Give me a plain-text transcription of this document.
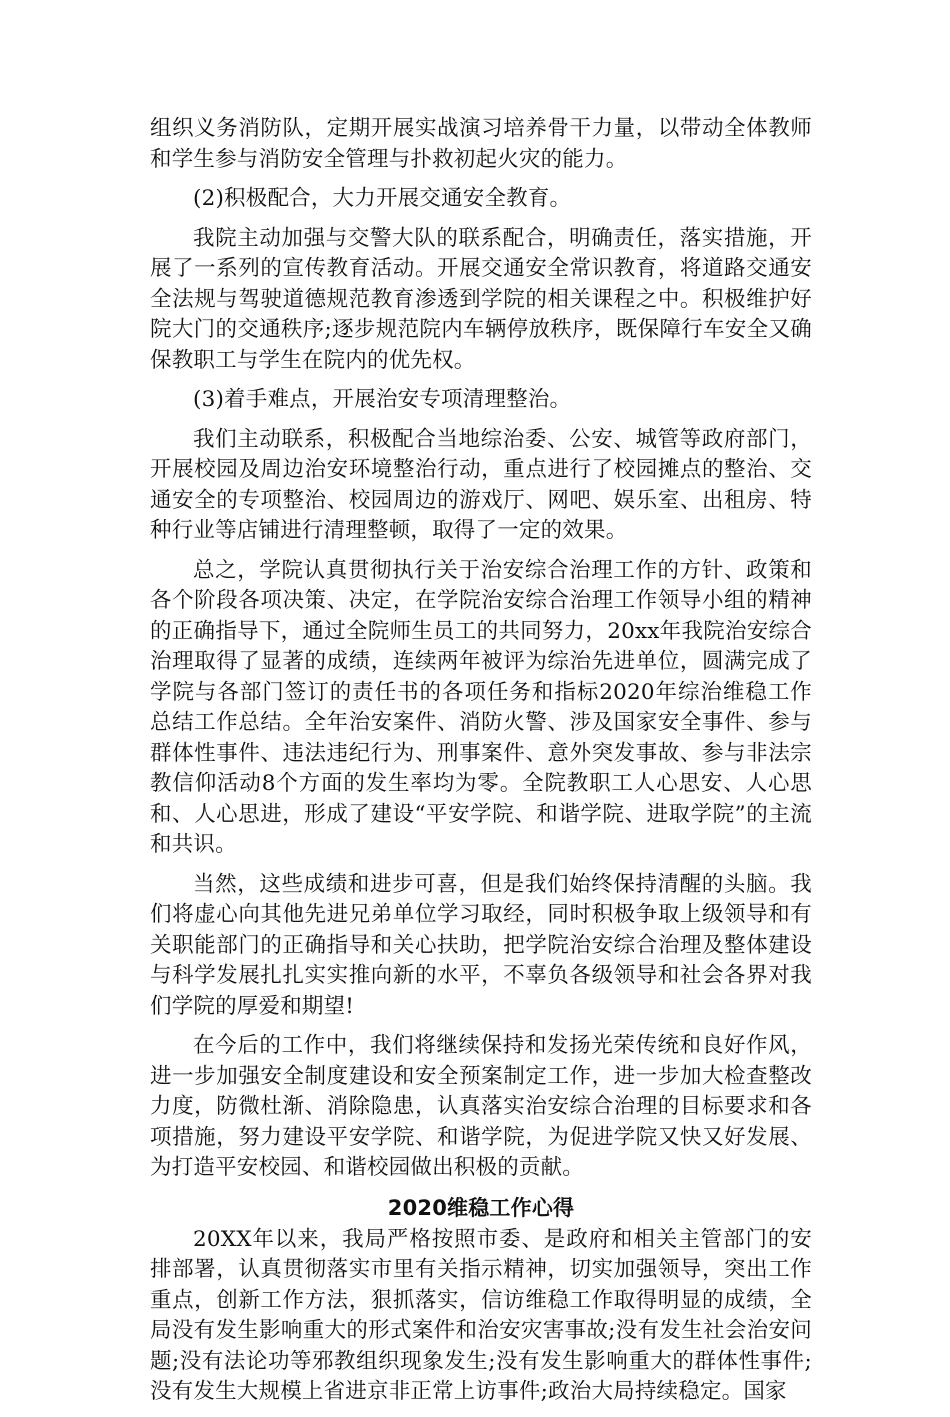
组织义务消防队，定期开展实战演习培养骨干力量，以带动全体教师和学生参与消防安全管理与扑救初起火灾的能力。

(2)积极配合，大力开展交通安全教育。

我院主动加强与交警大队的联系配合，明确责任，落实措施，开展了一系列的宣传教育活动。开展交通安全常识教育，将道路交通安全法规与驾驶道德规范教育渗透到学院的相关课程之中。积极维护好院大门的交通秩序;逐步规范院内车辆停放秩序，既保障行车安全又确保教职工与学生在院内的优先权。

(3)着手难点，开展治安专项清理整治。

我们主动联系，积极配合当地综治委、公安、城管等政府部门，开展校园及周边治安环境整治行动，重点进行了校园摊点的整治、交通安全的专项整治、校园周边的游戏厅、网吧、娱乐室、出租房、特种行业等店铺进行清理整顿，取得了一定的效果。

总之，学院认真贯彻执行关于治安综合治理工作的方针、政策和各个阶段各项决策、决定，在学院治安综合治理工作领导小组的精神的正确指导下，通过全院师生员工的共同努力，20xx年我院治安综合治理取得了显著的成绩，连续两年被评为综治先进单位，圆满完成了学院与各部门签订的责任书的各项任务和指标2020年综治维稳工作总结工作总结。全年治安案件、消防火警、涉及国家安全事件、参与群体性事件、违法违纪行为、刑事案件、意外突发事故、参与非法宗教信仰活动8个方面的发生率均为零。全院教职工人心思安、人心思和、人心思进，形成了建设“平安学院、和谐学院、进取学院”的主流和共识。

当然，这些成绩和进步可喜，但是我们始终保持清醒的头脑。我们将虚心向其他先进兄弟单位学习取经，同时积极争取上级领导和有关职能部门的正确指导和关心扶助，把学院治安综合治理及整体建设与科学发展扎扎实实推向新的水平，不辜负各级领导和社会各界对我们学院的厚爱和期望!

在今后的工作中，我们将继续保持和发扬光荣传统和良好作风，进一步加强安全制度建设和安全预案制定工作，进一步加大检查整改力度，防微杜渐、消除隐患，认真落实治安综合治理的目标要求和各项措施，努力建设平安学院、和谐学院，为促进学院又快又好发展、为打造平安校园、和谐校园做出积极的贡献。

2020维稳工作心得

20XX年以来，我局严格按照市委、是政府和相关主管部门的安排部署，认真贯彻落实市里有关指示精神，切实加强领导，突出工作重点，创新工作方法，狠抓落实，信访维稳工作取得明显的成绩，全局没有发生影响重大的形式案件和治安灾害事故;没有发生社会治安问题;没有法论功等邪教组织现象发生;没有发生影响重大的群体性事件;没有发生大规模上省进京非正常上访事件;政治大局持续稳定。国家
